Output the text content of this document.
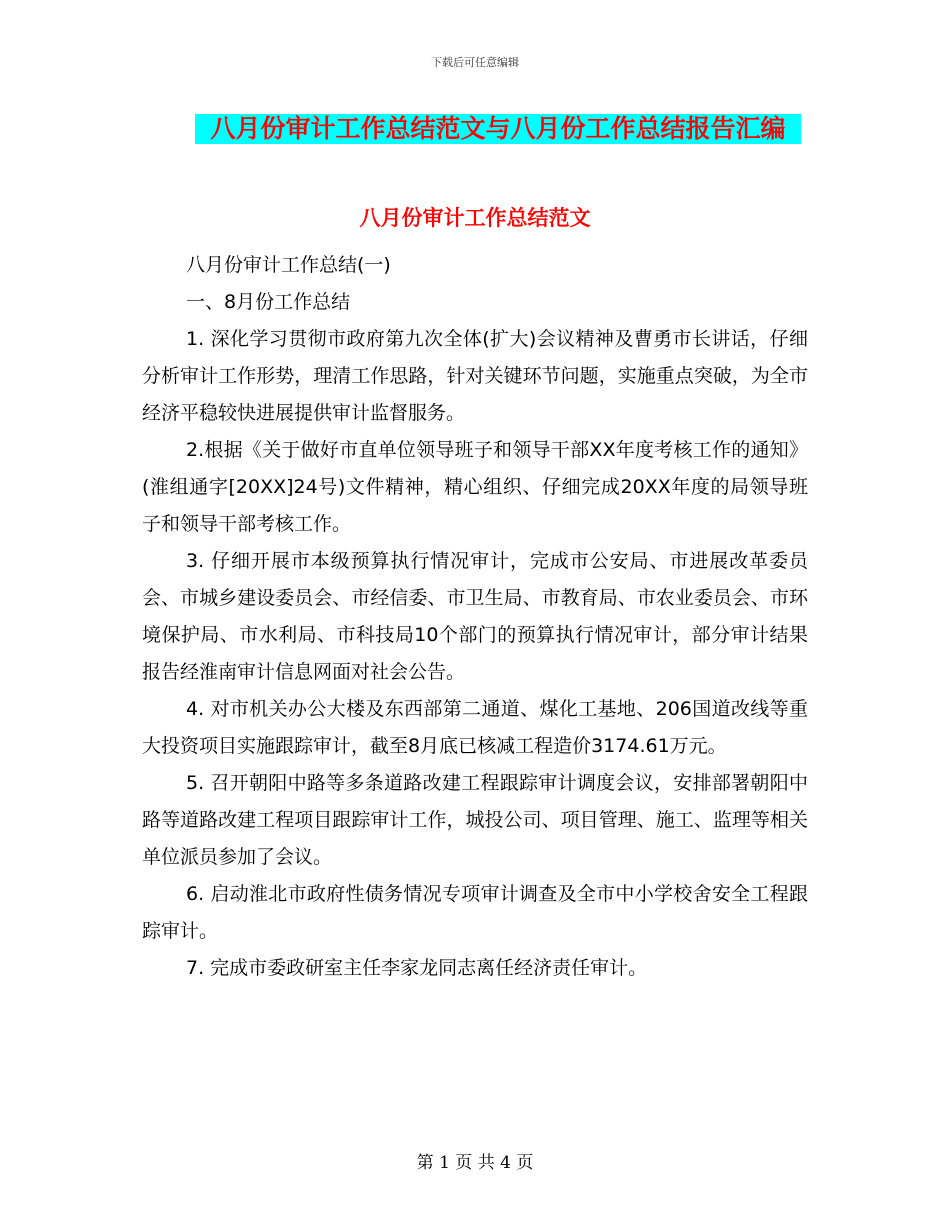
下载后可任意编辑
八月份审计工作总结范文与八月份工作总结报告汇编
八月份审计工作总结范文

八月份审计工作总结(一)

一、8月份工作总结

1. 深化学习贯彻市政府第九次全体(扩大)会议精神及曹勇市长讲话，仔细分析审计工作形势，理清工作思路，针对关键环节问题，实施重点突破，为全市经济平稳较快进展提供审计监督服务。

2.根据《关于做好市直单位领导班子和领导干部XX年度考核工作的通知》(淮组通字[20XX]24号)文件精神，精心组织、仔细完成20XX年度的局领导班子和领导干部考核工作。

3. 仔细开展市本级预算执行情况审计，完成市公安局、市进展改革委员会、市城乡建设委员会、市经信委、市卫生局、市教育局、市农业委员会、市环境保护局、市水利局、市科技局10个部门的预算执行情况审计，部分审计结果报告经淮南审计信息网面对社会公告。

4. 对市机关办公大楼及东西部第二通道、煤化工基地、206国道改线等重大投资项目实施跟踪审计，截至8月底已核减工程造价3174.61万元。

5. 召开朝阳中路等多条道路改建工程跟踪审计调度会议，安排部署朝阳中路等道路改建工程项目跟踪审计工作，城投公司、项目管理、施工、监理等相关单位派员参加了会议。

6. 启动淮北市政府性债务情况专项审计调查及全市中小学校舍安全工程跟踪审计。

7. 完成市委政研室主任李家龙同志离任经济责任审计。

第 1 页 共 4 页
